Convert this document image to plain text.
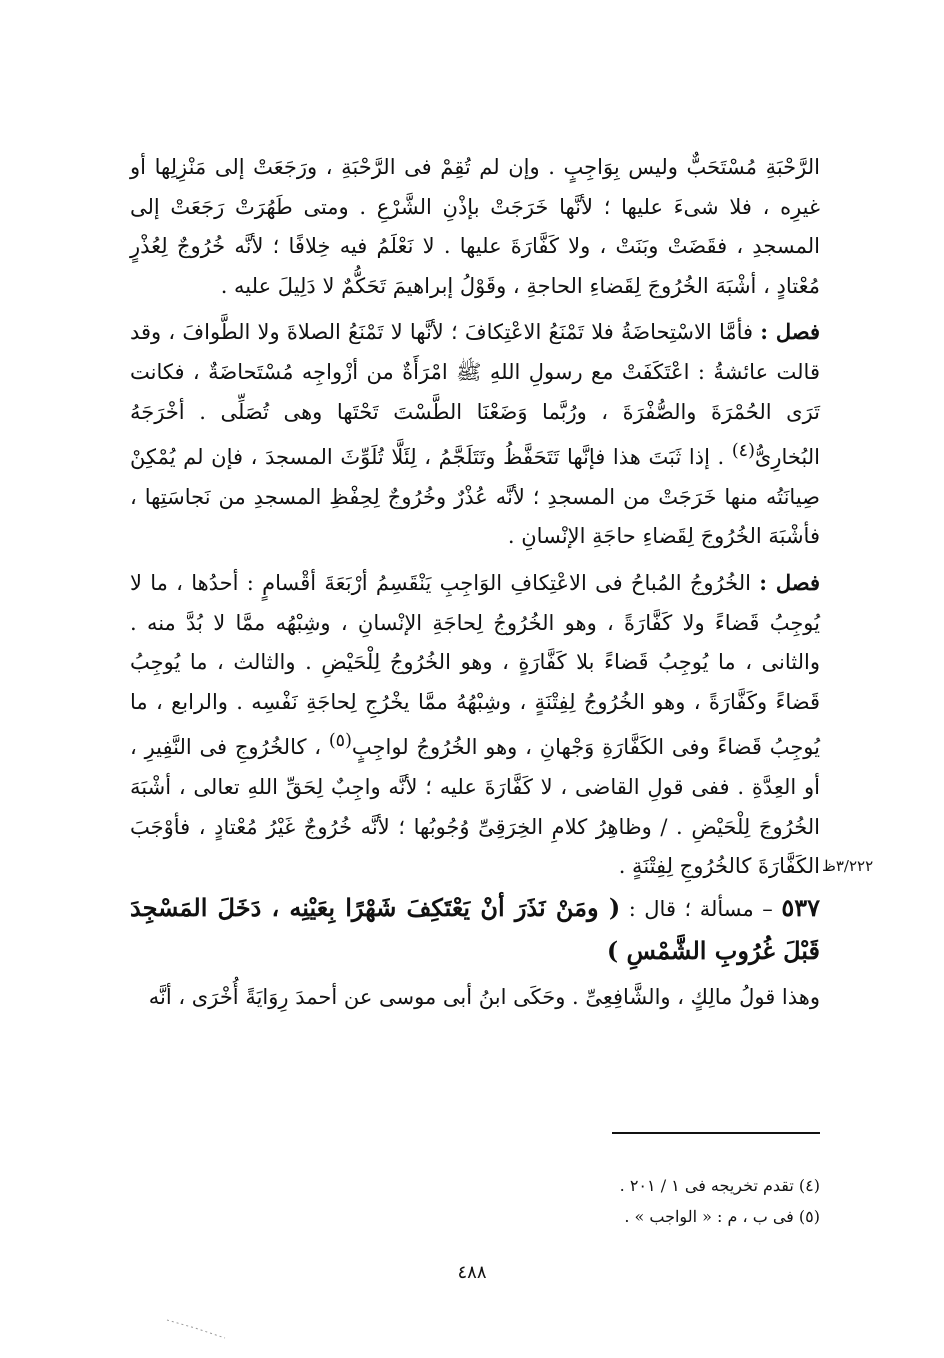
الرَّحْبَةِ مُسْتَحَبٌّ وليس بِوَاجِبٍ . وإن لم تُقِمْ فى الرَّحْبَةِ ، ورَجَعَتْ إلى مَنْزِلِها أو غيرِه ، فلا شىءَ عليها ؛ لأنَّها خَرَجَتْ بإذْنِ الشَّرْعِ . ومتى طَهُرَتْ رَجَعَتْ إلى المسجدِ ، فقَضَتْ وبَنَتْ ، ولا كَفَّارَةَ عليها . لا نَعْلَمُ فيه خِلافًا ؛ لأنَّه خُرُوجٌ لِعُذْرٍ مُعْتادٍ ، أشْبَهَ الخُرُوجَ لِقَضاءِ الحاجةِ ، وقَوْلُ إبراهيمَ تَحَكُّمٌ لا دَلِيلَ عليه .

فصل : فأمَّا الاسْتِحاضَةُ فلا تَمْنَعُ الاعْتِكافَ ؛ لأنَّها لا تَمْنَعُ الصلاةَ ولا الطَّوافَ ، وقد قالت عائشةُ : اعْتَكَفَتْ مع رسولِ اللهِ ﷺ امْرَأَةٌ من أزْواجِه مُسْتَحاضَةٌ ، فكانت تَرَى الحُمْرَةَ والصُّفْرَةَ ، ورُبَّما وَضَعْنَا الطَّسْتَ تَحْتَها وهى تُصَلِّى . أخْرَجَهُ البُخارِىُّ$^{(٤)}$ . إذا ثَبَتَ هذا فإنَّها تَتَحَفَّظُ وتَتَلَجَّمُ ، لِئَلَّا تُلَوِّثَ المسجدَ ، فإن لم يُمْكِنْ صِيانَتُه منها خَرَجَتْ من المسجدِ ؛ لأنَّه عُذْرٌ وخُرُوجٌ لِحِفْظِ المسجدِ من نَجاسَتِها ، فأشْبَهَ الخُرُوجَ لِقَضاءِ حاجَةِ الإنْسانِ .

فصل : الخُرُوجُ المُباحُ فى الاعْتِكافِ الوَاجِبِ يَنْقَسِمُ أرْبَعَةَ أقْسامٍ : أحدُها ، ما لا يُوجِبُ قَضاءً ولا كَفَّارَةً ، وهو الخُرُوجُ لِحاجَةِ الإنْسانِ ، وشِبْهُه ممَّا لا بُدَّ منه . والثانى ، ما يُوجِبُ قَضاءً بلا كَفَّارَةٍ ، وهو الخُرُوجُ لِلْحَيْضِ . والثالث ، ما يُوجِبُ قَضاءً وكَفَّارَةً ، وهو الخُرُوجُ لِفِتْنَةٍ ، وشِبْهُهُ ممَّا يخْرُجِ لِحاجَةِ نَفْسِه . والرابع ، ما يُوجِبُ قَضاءً وفى الكَفَّارَةِ وَجْهانِ ، وهو الخُرُوجُ لواجِبٍ$^{(٥)}$ ، كالخُرُوجِ فى النَّفِيرِ ، أو العِدَّةِ . ففى قولِ القاضى ، لا كَفَّارَةَ عليه ؛ لأنَّه واجِبٌ لِحَقِّ اللهِ تعالى ، أشْبَهَ الخُرُوجَ لِلْحَيْضِ . / وظاهِرُ كلامِ الخِرَقِىِّ وُجُوبُها ؛ لأنَّه خُرُوجٌ غَيْرُ مُعْتادٍ ، فأوْجَبَ الكَفَّارَةَ كالخُرُوجِ لِفِتْنَةٍ .

٥٣٧ – مسألة ؛ قال : ( ومَنْ نَذَرَ أنْ يَعْتَكِفَ شَهْرًا بِعَيْنِه ، دَخَلَ المَسْجِدَ قَبْلَ غُرُوبِ الشَّمْسِ )

وهذا قولُ مالِكٍ ، والشَّافِعِىِّ . وحَكَى ابنُ أبى موسى عن أحمدَ رِوَايَةً أُخْرَى ، أنَّه

٣/٢٢٢ظ
(٤) تقدم تخريجه فى ١ / ٢٠١ .
(٥) فى ب ، م : « الواجب » .
٤٨٨
